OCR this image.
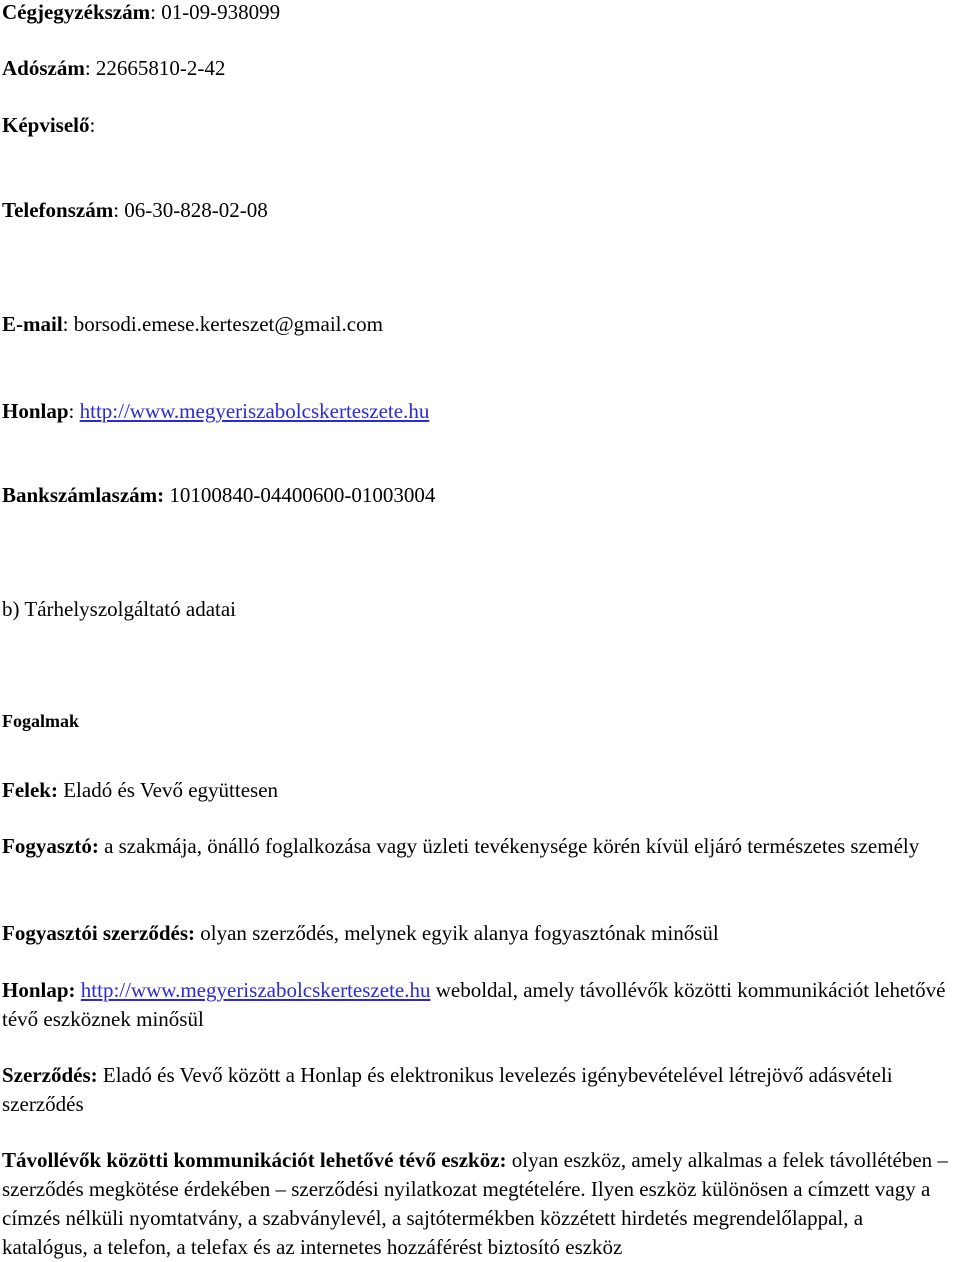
Cégjegyzékszám: 01-09-938099
Adószám: 22665810-2-42
Képviselő:
Telefonszám: 06-30-828-02-08
E-mail: borsodi.emese.kerteszet@gmail.com
Honlap: http://www.megyeriszabolcskerteszete.hu
Bankszámlaszám: 10100840-04400600-01003004
b) Tárhelyszolgáltató adatai
Fogalmak
Felek: Eladó és Vevő együttesen
Fogyasztó: a szakmája, önálló foglalkozása vagy üzleti tevékenysége körén kívül eljáró természetes személy
Fogyasztói szerződés: olyan szerződés, melynek egyik alanya fogyasztónak minősül
Honlap: http://www.megyeriszabolcskerteszete.hu weboldal, amely távollévők közötti kommunikációt lehetővé tévő eszköznek minősül
Szerződés: Eladó és Vevő között a Honlap és elektronikus levelezés igénybevételével létrejövő adásvételi szerződés
Távollévők közötti kommunikációt lehetővé tévő eszköz: olyan eszköz, amely alkalmas a felek távollétében – szerződés megkötése érdekében – szerződési nyilatkozat megtételére. Ilyen eszköz különösen a címzett vagy a címzés nélküli nyomtatvány, a szabványlevél, a sajtótermékben közzétett hirdetés megrendelőlappal, a katalógus, a telefon, a telefax és az internetes hozzáférést biztosító eszköz
